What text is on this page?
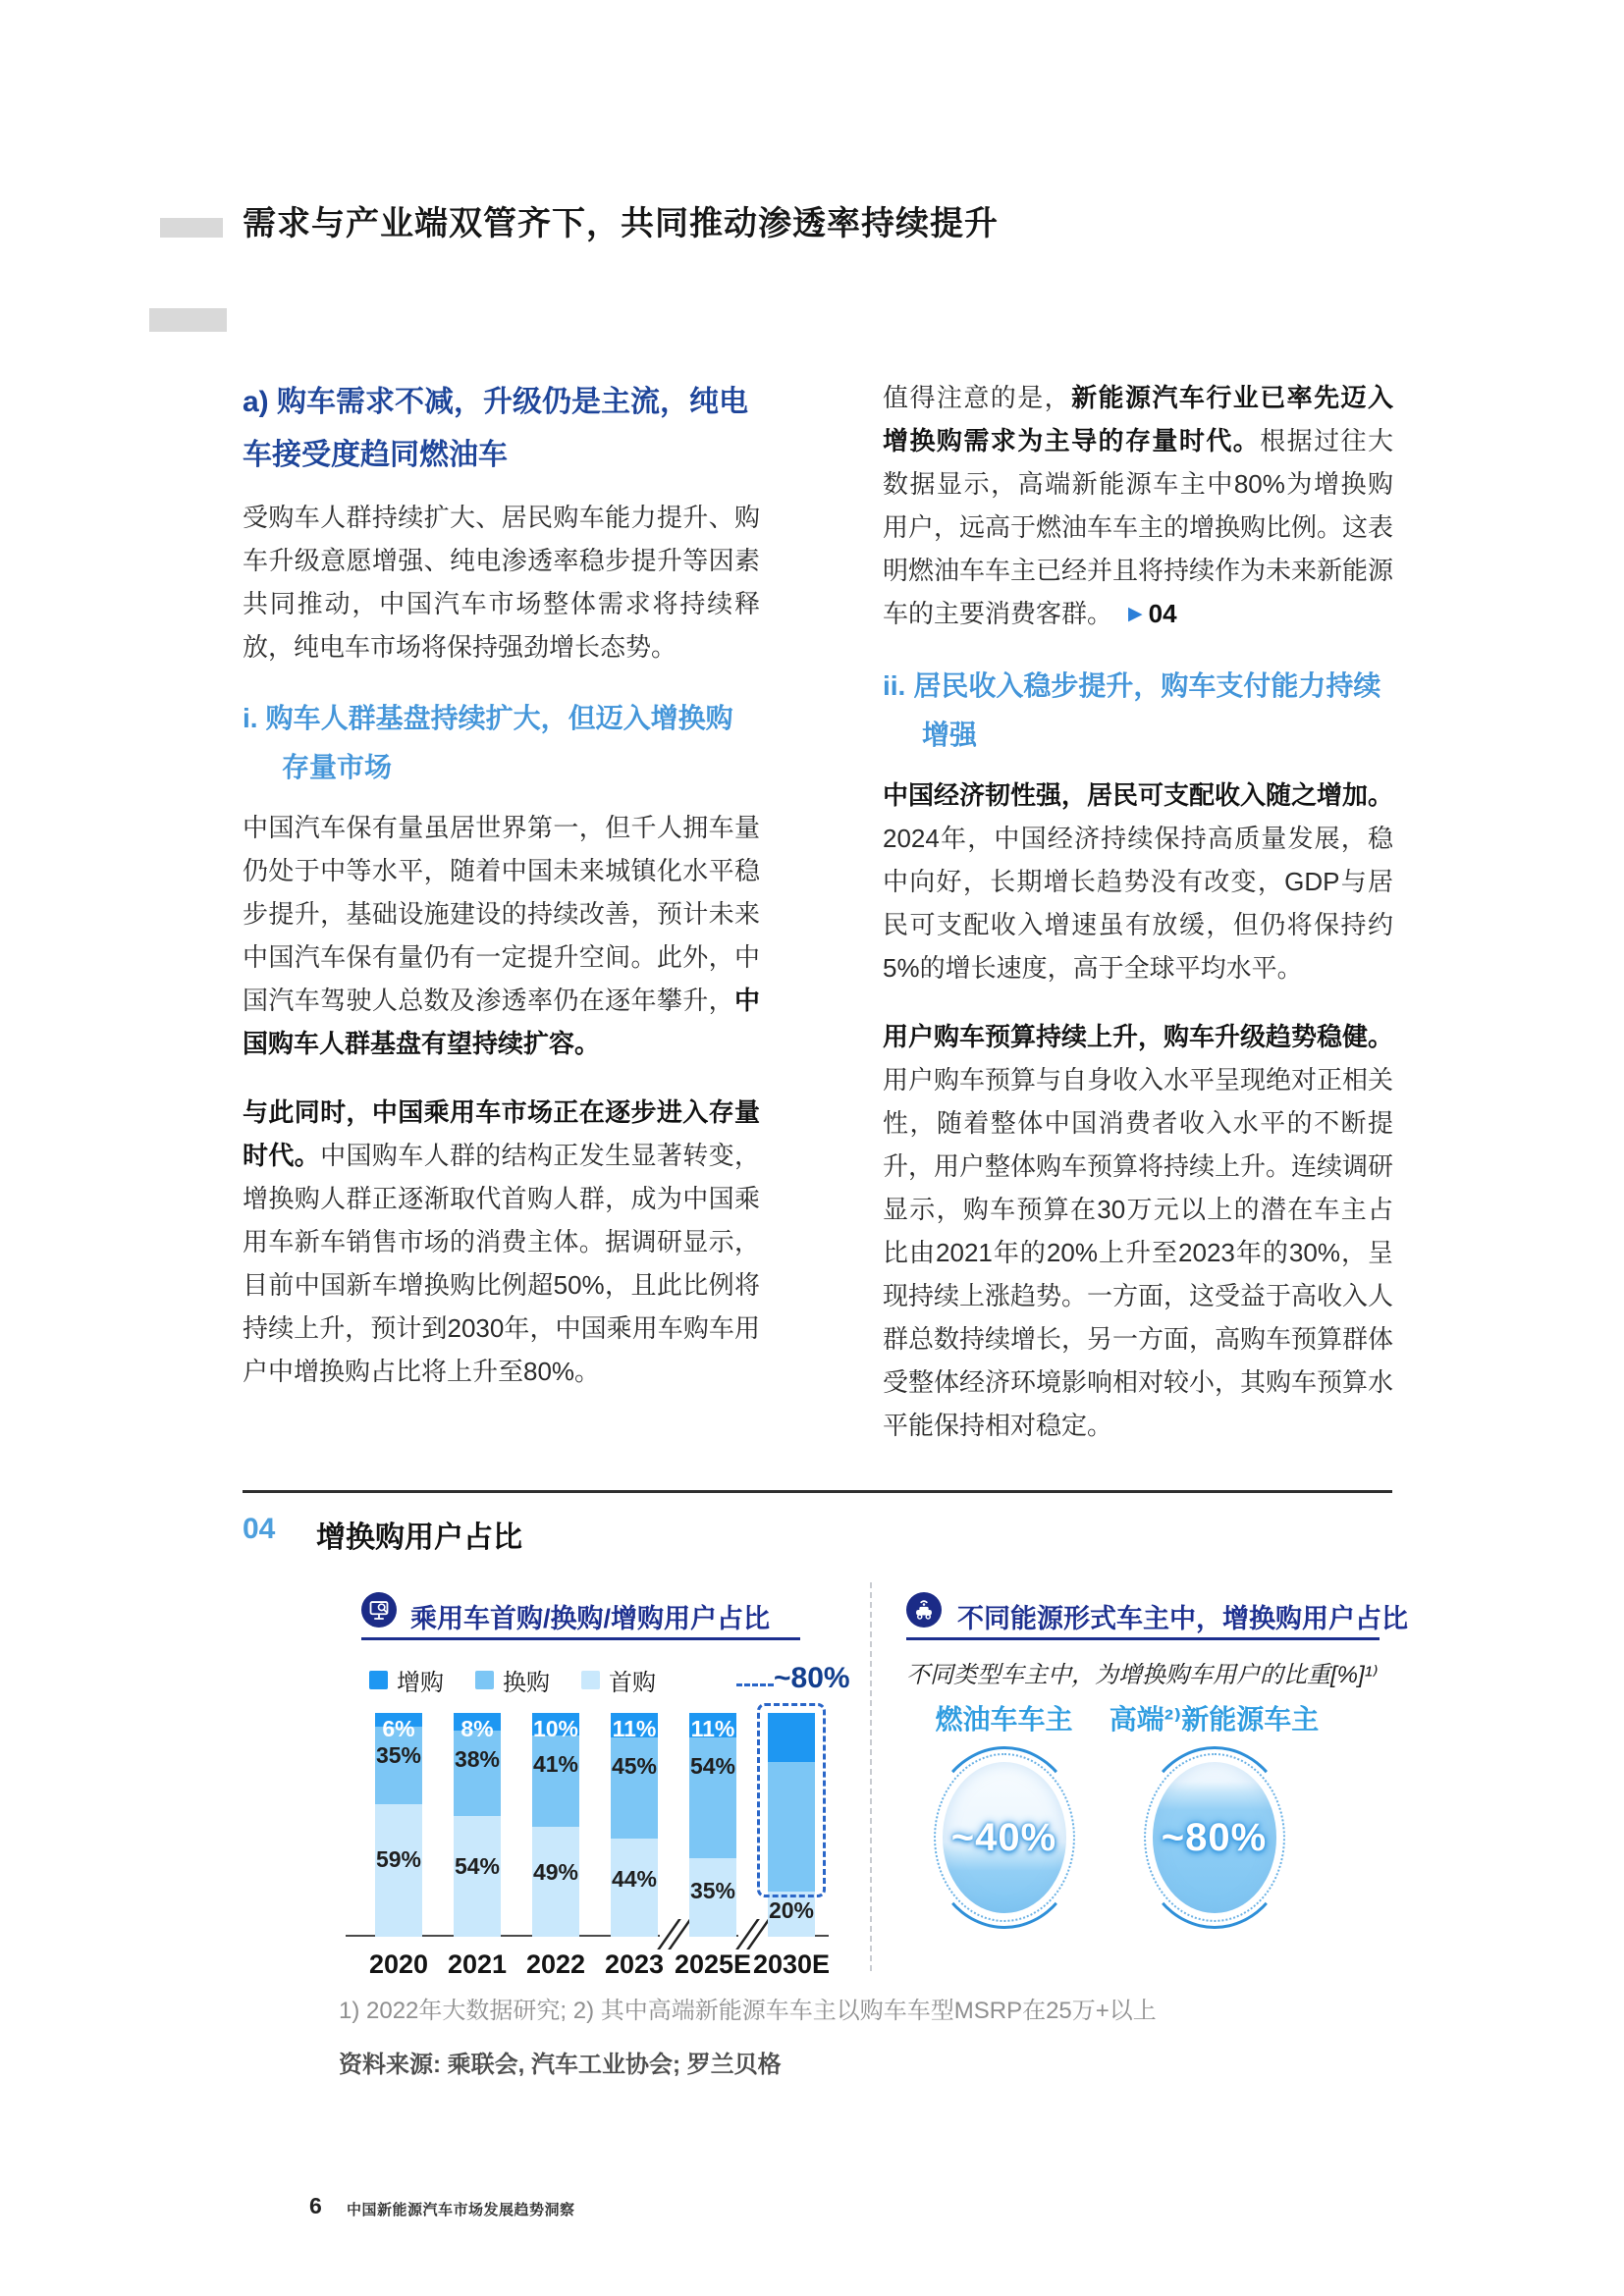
需求与产业端双管齐下，共同推动渗透率持续提升
a) 购车需求不减，升级仍是主流，纯电车接受度趋同燃油车

受购车人群持续扩大、居民购车能力提升、购车升级意愿增强、纯电渗透率稳步提升等因素共同推动，中国汽车市场整体需求将持续释放，纯电车市场将保持强劲增长态势。

i. 购车人群基盘持续扩大，但迈入增换购存量市场

中国汽车保有量虽居世界第一，但千人拥车量仍处于中等水平，随着中国未来城镇化水平稳步提升，基础设施建设的持续改善，预计未来中国汽车保有量仍有一定提升空间。此外，中国汽车驾驶人总数及渗透率仍在逐年攀升，中国购车人群基盘有望持续扩容。

与此同时，中国乘用车市场正在逐步进入存量时代。中国购车人群的结构正发生显著转变，增换购人群正逐渐取代首购人群，成为中国乘用车新车销售市场的消费主体。据调研显示，目前中国新车增换购比例超50%，且此比例将持续上升，预计到2030年，中国乘用车购车用户中增换购占比将上升至80%。

值得注意的是，新能源汽车行业已率先迈入增换购需求为主导的存量时代。根据过往大数据显示，高端新能源车主中80%为增换购用户，远高于燃油车车主的增换购比例。这表明燃油车车主已经并且将持续作为未来新能源车的主要消费客群。 ▶ 04

ii. 居民收入稳步提升，购车支付能力持续增强

中国经济韧性强，居民可支配收入随之增加。2024年，中国经济持续保持高质量发展，稳中向好，长期增长趋势没有改变，GDP与居民可支配收入增速虽有放缓，但仍将保持约5%的增长速度，高于全球平均水平。

用户购车预算持续上升，购车升级趋势稳健。用户购车预算与自身收入水平呈现绝对正相关性，随着整体中国消费者收入水平的不断提升，用户整体购车预算将持续上升。连续调研显示，购车预算在30万元以上的潜在车主占比由2021年的20%上升至2023年的30%，呈现持续上涨趋势。一方面，这受益于高收入人群总数持续增长，另一方面，高购车预算群体受整体经济环境影响相对较小，其购车预算水平能保持相对稳定。

04 增换购用户占比
乘用车首购/换购/增购用户占比
增购	换购	首购
59%
35%
6%
2020
54%
38%
8%
2021
49%
41%
10%
2022
44%
45%
11%
2023
35%
54%
11%
2025E
20%
2030E
~80%
不同能源形式车主中，增换购用户占比
不同类型车主中，为增换购车用户的比重[%]¹⁾
燃油车车主
~40%
高端²⁾新能源车主
~80%
1) 2022年大数据研究; 2) 其中高端新能源车车主以购车车型MSRP在25万+以上
资料来源: 乘联会, 汽车工业协会; 罗兰贝格
6 中国新能源汽车市场发展趋势洞察
